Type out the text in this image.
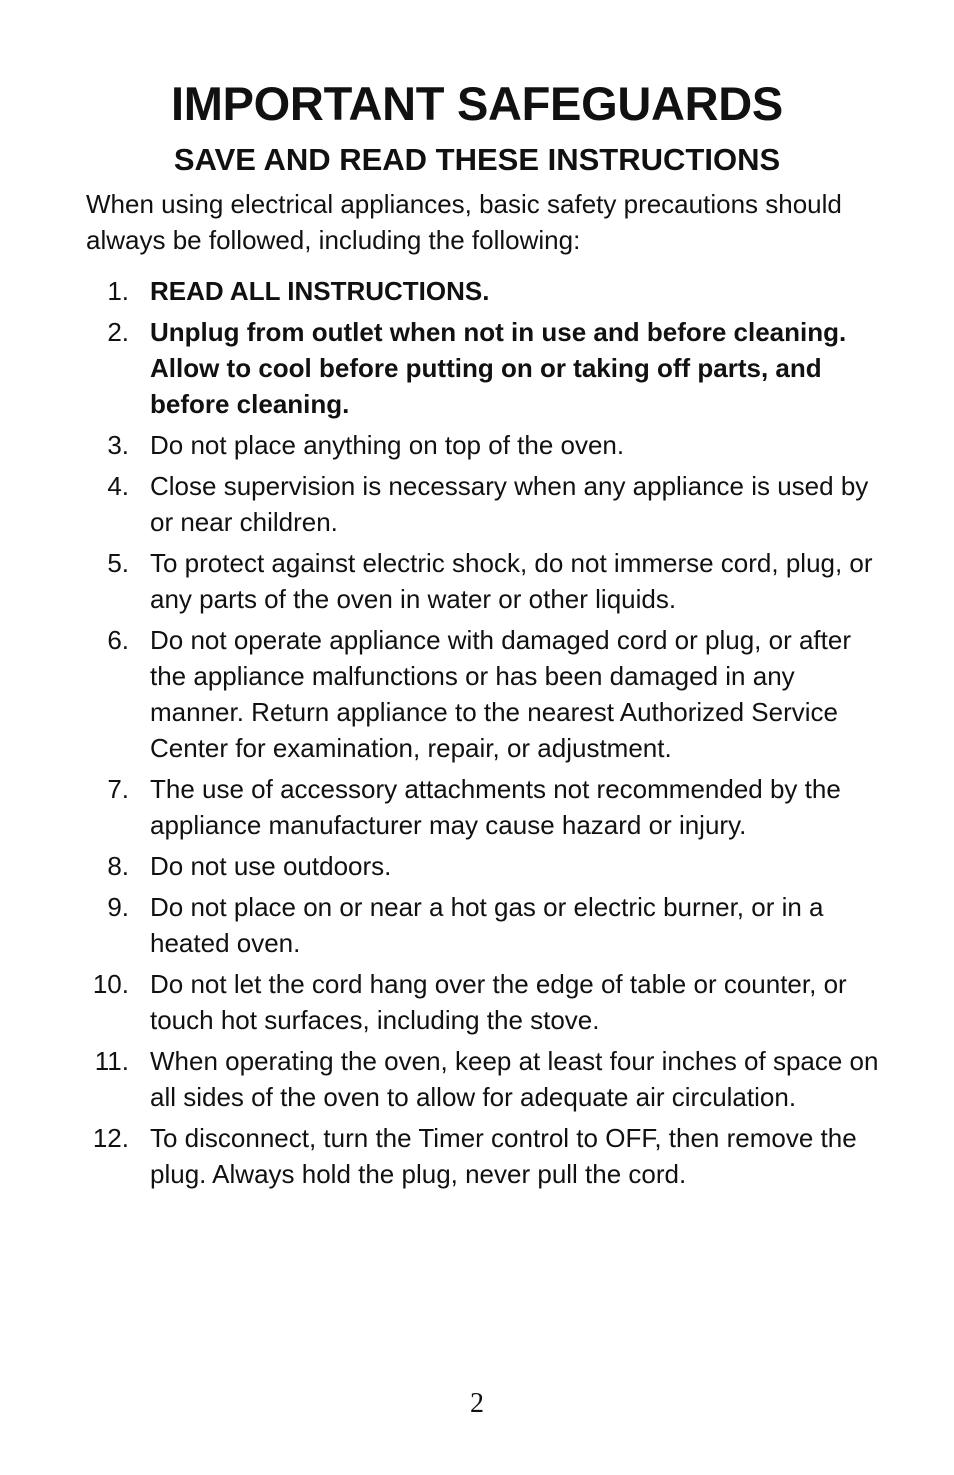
IMPORTANT SAFEGUARDS
SAVE AND READ THESE INSTRUCTIONS

When using electrical appliances, basic safety precautions should always be followed, including the following:

1. READ ALL INSTRUCTIONS.
2. Unplug from outlet when not in use and before cleaning. Allow to cool before putting on or taking off parts, and before cleaning.
3. Do not place anything on top of the oven.
4. Close supervision is necessary when any appliance is used by or near children.
5. To protect against electric shock, do not immerse cord, plug, or any parts of the oven in water or other liquids.
6. Do not operate appliance with damaged cord or plug, or after the appliance malfunctions or has been damaged in any manner. Return appliance to the nearest Authorized Service Center for examination, repair, or adjustment.
7. The use of accessory attachments not recommended by the appliance manufacturer may cause hazard or injury.
8. Do not use outdoors.
9. Do not place on or near a hot gas or electric burner, or in a heated oven.
10. Do not let the cord hang over the edge of table or counter, or touch hot surfaces, including the stove.
11. When operating the oven, keep at least four inches of space on all sides of the oven to allow for adequate air circulation.
12. To disconnect, turn the Timer control to OFF, then remove the plug. Always hold the plug, never pull the cord.
2
